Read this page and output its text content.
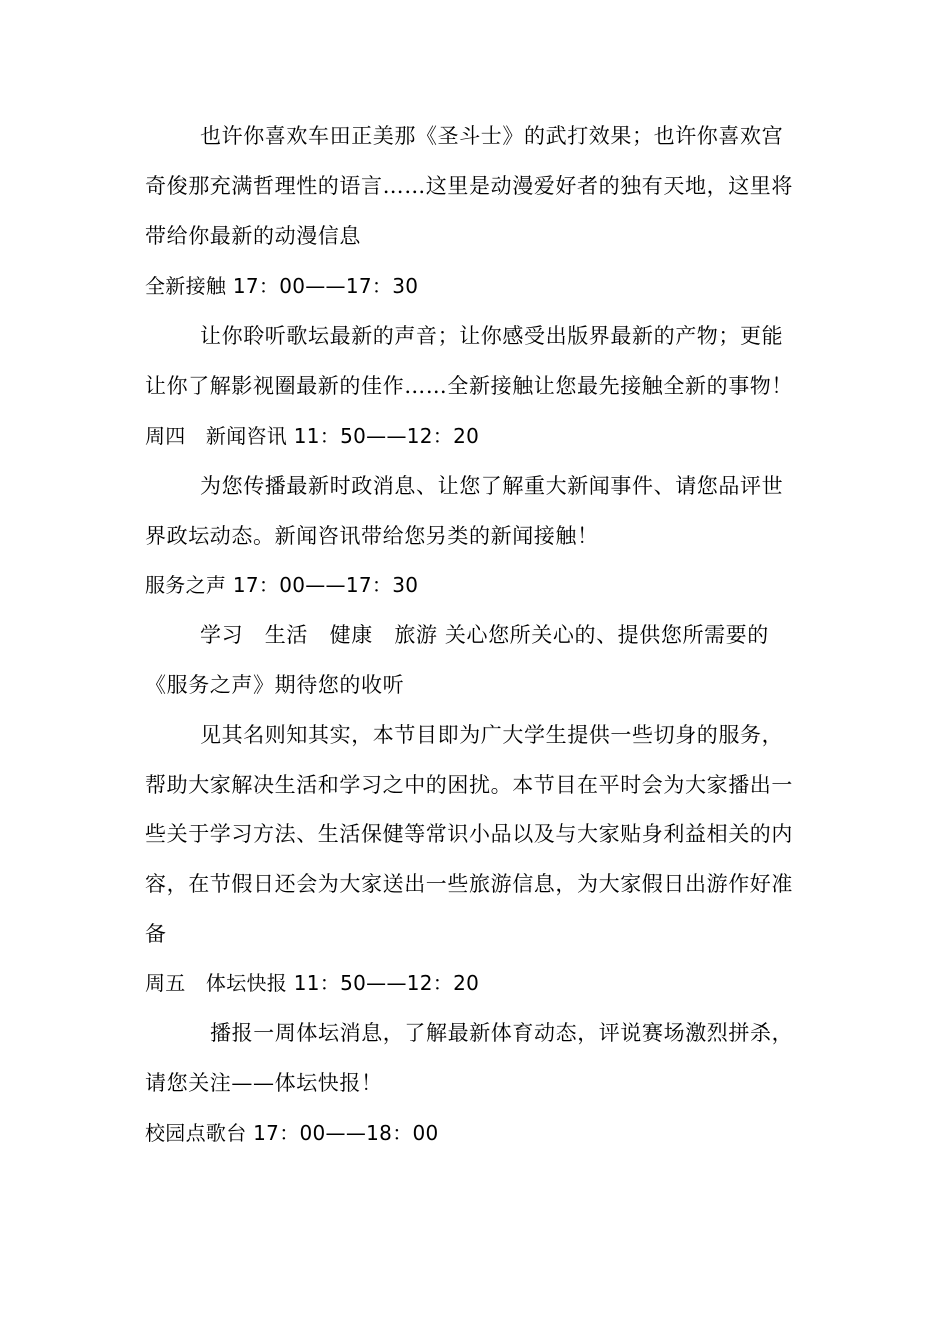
也许你喜欢车田正美那《圣斗士》的武打效果；也许你喜欢宫
奇俊那充满哲理性的语言……这里是动漫爱好者的独有天地，这里将
带给你最新的动漫信息
全新接触 17：00——17：30
让你聆听歌坛最新的声音；让你感受出版界最新的产物；更能
让你了解影视圈最新的佳作……全新接触让您最先接触全新的事物！
周四　新闻咨讯 11：50——12：20
为您传播最新时政消息、让您了解重大新闻事件、请您品评世
界政坛动态。新闻咨讯带给您另类的新闻接触！
服务之声 17：00——17：30
学习　生活　健康　旅游 关心您所关心的、提供您所需要的
《服务之声》期待您的收听
见其名则知其实，本节目即为广大学生提供一些切身的服务，
帮助大家解决生活和学习之中的困扰。本节目在平时会为大家播出一
些关于学习方法、生活保健等常识小品以及与大家贴身利益相关的内
容，在节假日还会为大家送出一些旅游信息，为大家假日出游作好准
备
周五　体坛快报 11：50——12：20
播报一周体坛消息，了解最新体育动态，评说赛场激烈拼杀，
请您关注——体坛快报！
校园点歌台 17：00——18：00
